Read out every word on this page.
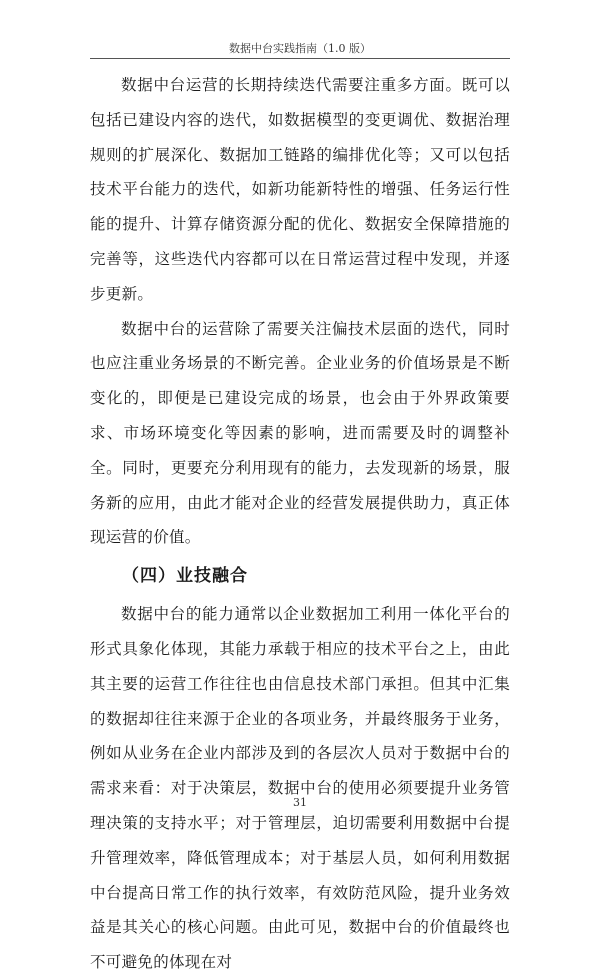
数据中台实践指南（1.0 版）

数据中台运营的长期持续迭代需要注重多方面。既可以包括已建设内容的迭代，如数据模型的变更调优、数据治理规则的扩展深化、数据加工链路的编排优化等；又可以包括技术平台能力的迭代，如新功能新特性的增强、任务运行性能的提升、计算存储资源分配的优化、数据安全保障措施的完善等，这些迭代内容都可以在日常运营过程中发现，并逐步更新。

数据中台的运营除了需要关注偏技术层面的迭代，同时也应注重业务场景的不断完善。企业业务的价值场景是不断变化的，即便是已建设完成的场景，也会由于外界政策要求、市场环境变化等因素的影响，进而需要及时的调整补全。同时，更要充分利用现有的能力，去发现新的场景，服务新的应用，由此才能对企业的经营发展提供助力，真正体现运营的价值。

（四）业技融合

数据中台的能力通常以企业数据加工利用一体化平台的形式具象化体现，其能力承载于相应的技术平台之上，由此其主要的运营工作往往也由信息技术部门承担。但其中汇集的数据却往往来源于企业的各项业务，并最终服务于业务，例如从业务在企业内部涉及到的各层次人员对于数据中台的需求来看：对于决策层，数据中台的使用必须要提升业务管理决策的支持水平；对于管理层，迫切需要利用数据中台提升管理效率，降低管理成本；对于基层人员，如何利用数据中台提高日常工作的执行效率，有效防范风险，提升业务效益是其关心的核心问题。由此可见，数据中台的价值最终也不可避免的体现在对

31
